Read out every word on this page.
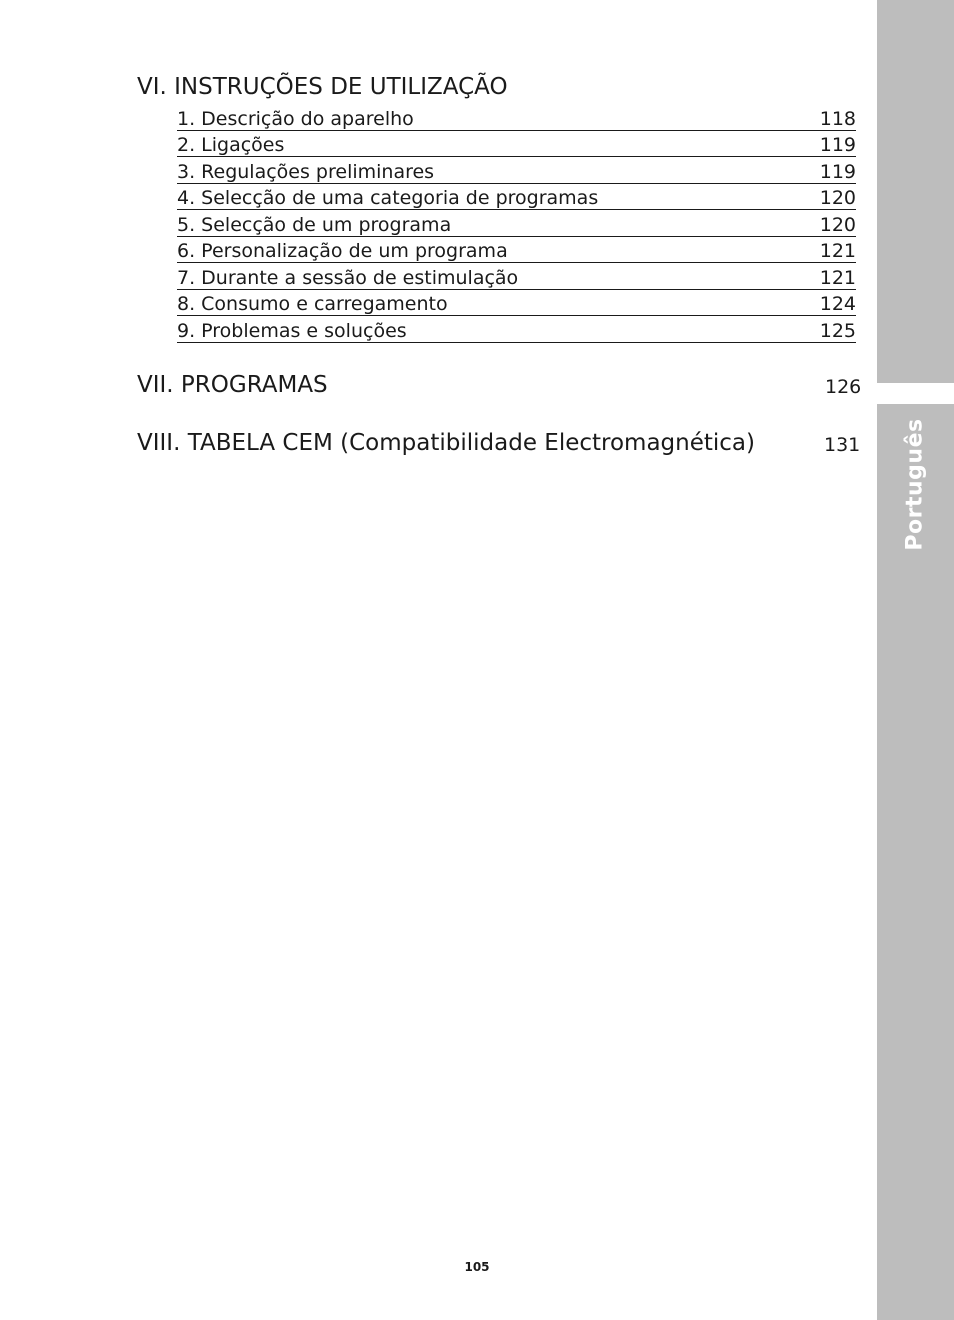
Português
VI. INSTRUÇÕES DE UTILIZAÇÃO
1. Descrição do aparelho	118
2. Ligações	119
3. Regulações preliminares	119
4. Selecção de uma categoria de programas	120
5. Selecção de um programa	120
6. Personalização de um programa	121
7. Durante a sessão de estimulação	121
8. Consumo e carregamento	124
9. Problemas e soluções	125
VII. PROGRAMAS	126
VIII. TABELA CEM (Compatibilidade Electromagnética)	131
105
